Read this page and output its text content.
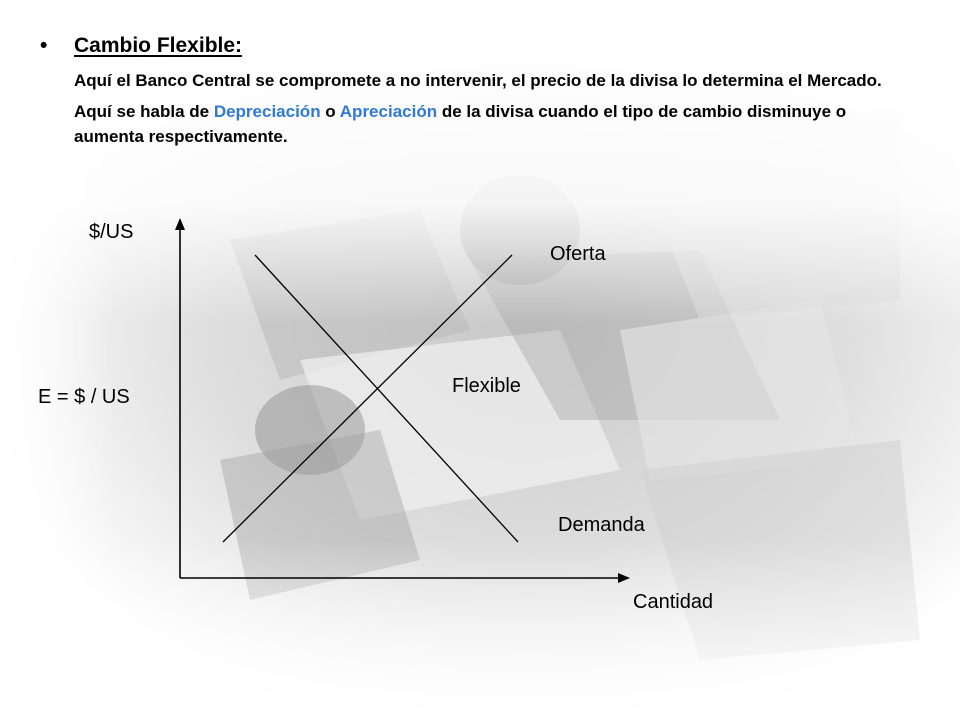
• Cambio Flexible:
Aquí el Banco Central se compromete a no intervenir, el precio de la divisa lo determina el Mercado.
Aquí se habla de Depreciación o Apreciación de la divisa cuando el tipo de cambio disminuye o aumenta respectivamente.
$/US
Cantidad
E = $ / US
Oferta
Demanda
Flexible
